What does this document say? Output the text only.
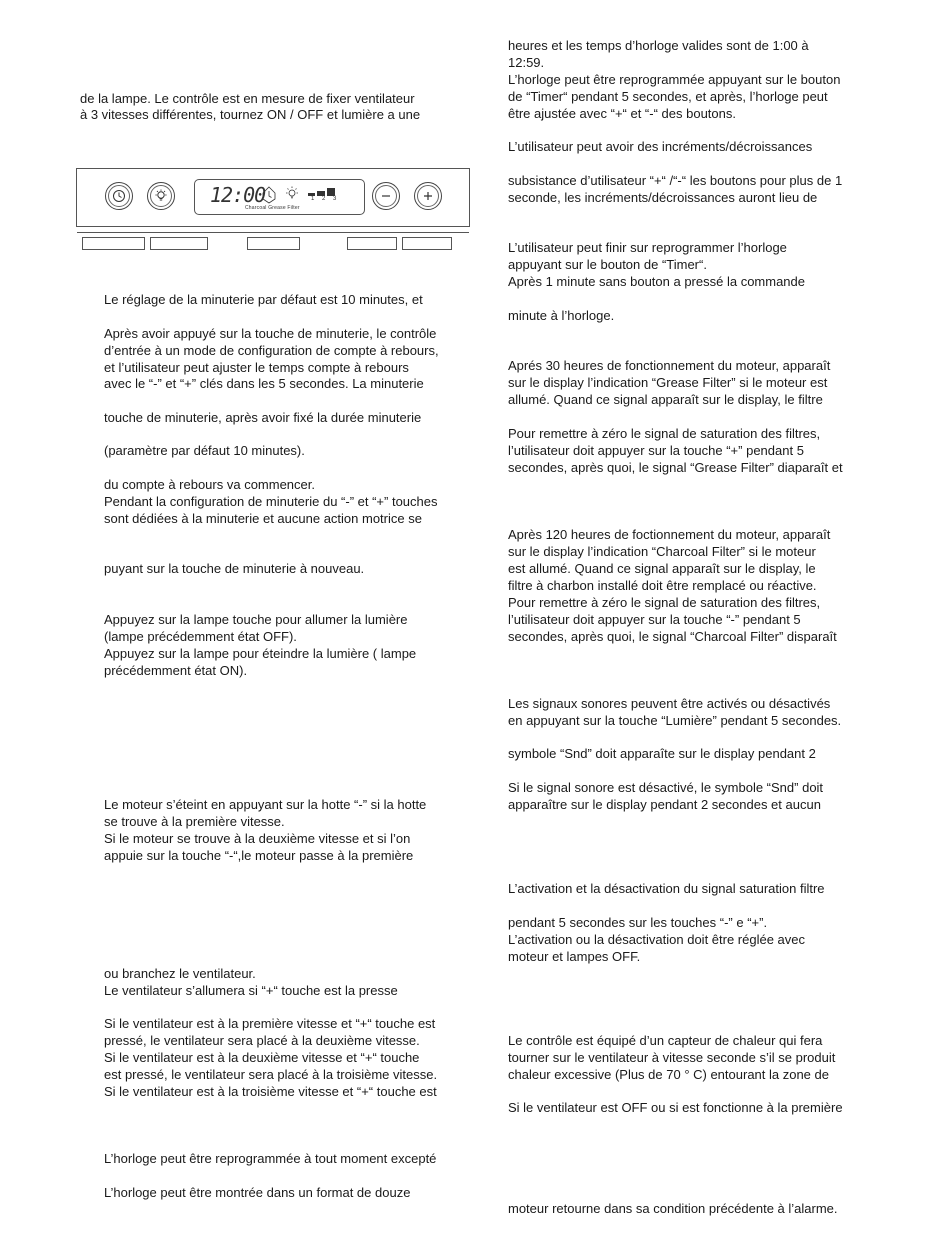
12:00	1 2 3
Charcoal Grease Filter
de la lampe. Le contrôle est en mesure de fixer ventilateur
à 3 vitesses différentes, tournez ON / OFF et lumière a une
Le réglage de la minuterie par défaut est 10 minutes, et
Après avoir appuyé sur la touche de minuterie, le contrôle
d’entrée à un mode de configuration de compte à rebours,
et l’utilisateur peut ajuster le temps compte à rebours
avec le “-” et “+” clés dans les 5 secondes. La minuterie
touche de minuterie, après avoir fixé la durée minuterie
(paramètre par défaut 10 minutes).
du compte à rebours va commencer.
Pendant la configuration de minuterie du “-” et “+” touches
sont dédiées à la minuterie et aucune action motrice se
puyant sur la touche de minuterie à nouveau.
Appuyez sur la lampe touche pour allumer la lumière
(lampe précédemment état OFF).
Appuyez sur la lampe pour éteindre la lumière ( lampe
précédemment état ON).
Le moteur s’éteint en appuyant sur la hotte “-” si la hotte
se trouve à la première vitesse.
Si le moteur se trouve à la deuxième vitesse et si l’on
appuie sur la touche “-“,le moteur passe à la première
ou branchez le ventilateur.
Le ventilateur s’allumera si “+“ touche est la presse
Si le ventilateur est à la première vitesse et “+“ touche est
pressé, le ventilateur sera placé à la deuxième vitesse.
Si le ventilateur est à la deuxième vitesse et “+“ touche
est pressé, le ventilateur sera placé à la troisième vitesse.
Si le ventilateur est à la troisième vitesse et “+“ touche est
L’horloge peut être reprogrammée à tout moment excepté
L’horloge peut être montrée dans un format de douze
heures et les temps d’horloge valides sont de 1:00 à
12:59.
L’horloge peut être reprogrammée appuyant sur le bouton
de “Timer“ pendant 5 secondes, et après, l’horloge peut
être ajustée avec “+“ et “-“ des boutons.
L’utilisateur peut avoir des incréments/décroissances
subsistance d’utilisateur “+“ /“-“ les boutons pour plus de 1
seconde, les incréments/décroissances auront lieu de
L’utilisateur peut finir sur reprogrammer l’horloge
appuyant sur le bouton de “Timer“.
Après 1 minute sans bouton a pressé la commande
minute à l’horloge.
Aprés 30 heures de fonctionnement du moteur, apparaît
sur le display l’indication “Grease Filter” si le moteur est
allumé. Quand ce signal apparaît sur le display, le filtre
Pour remettre à zéro le signal de saturation des filtres,
l’utilisateur doit appuyer sur la touche “+” pendant 5
secondes, après quoi, le signal “Grease Filter” diaparaît et
Après 120 heures de foctionnement du moteur, apparaît
sur le display l’indication “Charcoal Filter” si le moteur
est allumé. Quand ce signal apparaît sur le display, le
filtre à charbon installé doit être remplacé ou réactive.
Pour remettre à zéro le signal de saturation des filtres,
l’utilisateur doit appuyer sur la touche “-” pendant 5
secondes, après quoi, le signal “Charcoal Filter” disparaît
Les signaux sonores peuvent être activés ou désactivés
en appuyant sur la touche “Lumière” pendant 5 secondes.
symbole “Snd” doit apparaîte sur le display pendant 2
Si le signal sonore est désactivé, le symbole “Snd” doit
apparaître sur le display pendant 2 secondes et aucun
L’activation et la désactivation du signal saturation filtre
pendant 5 secondes sur les touches “-” e “+”.
L’activation ou la désactivation doit être réglée avec
moteur et lampes OFF.
Le contrôle est équipé d’un capteur de chaleur qui fera
tourner sur le ventilateur à vitesse seconde s’il se produit
chaleur excessive (Plus de 70 ° C) entourant la zone de
Si le ventilateur est OFF ou si est fonctionne à la première
moteur retourne dans sa condition précédente à l’alarme.
